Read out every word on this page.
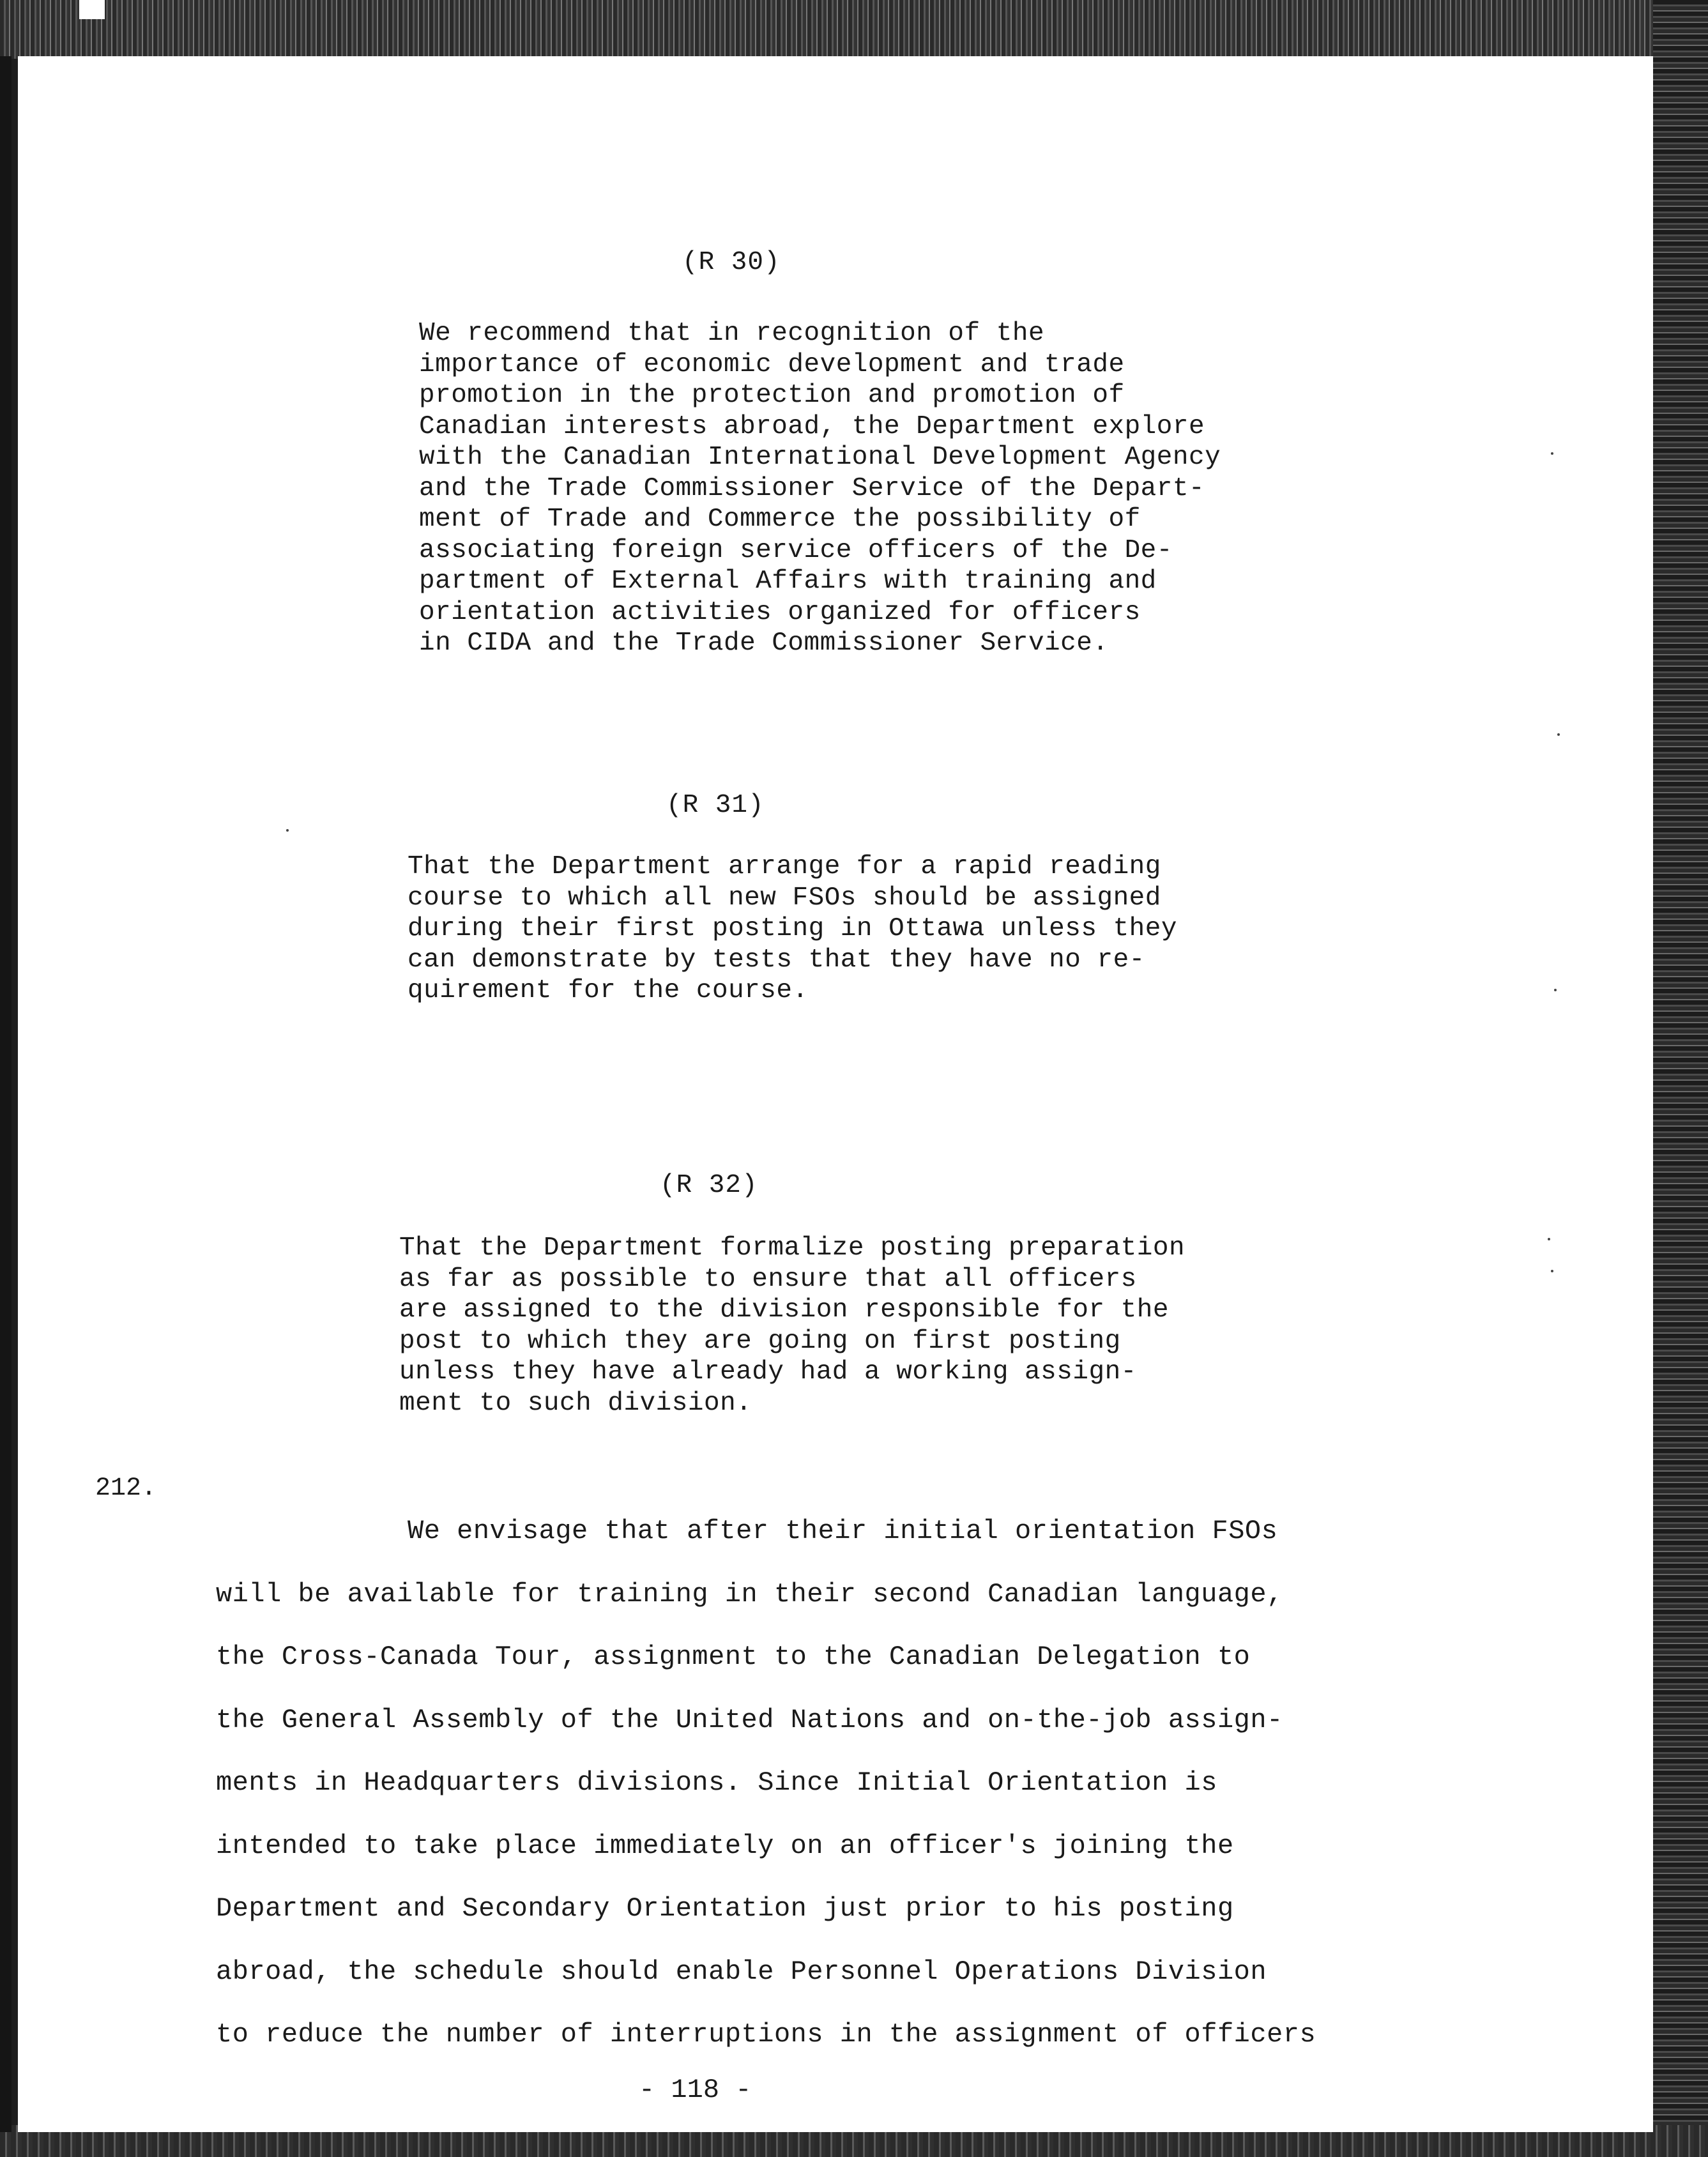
(R 30)
We recommend that in recognition of the
importance of economic development and trade
promotion in the protection and promotion of
Canadian interests abroad, the Department explore
with the Canadian International Development Agency
and the Trade Commissioner Service of the Depart-
ment of Trade and Commerce the possibility of
associating foreign service officers of the De-
partment of External Affairs with training and
orientation activities organized for officers
in CIDA and the Trade Commissioner Service.
(R 31)
That the Department arrange for a rapid reading
course to which all new FSOs should be assigned
during their first posting in Ottawa unless they
can demonstrate by tests that they have no re-
quirement for the course.
(R 32)
That the Department formalize posting preparation
as far as possible to ensure that all officers
are assigned to the division responsible for the
post to which they are going on first posting
unless they have already had a working assign-
ment to such division.
212.
We envisage that after their initial orientation FSOs
will be available for training in their second Canadian language,
the Cross-Canada Tour, assignment to the Canadian Delegation to
the General Assembly of the United Nations and on-the-job assign-
ments in Headquarters divisions. Since Initial Orientation is
intended to take place immediately on an officer's joining the
Department and Secondary Orientation just prior to his posting
abroad, the schedule should enable Personnel Operations Division
to reduce the number of interruptions in the assignment of officers
- 118 -
